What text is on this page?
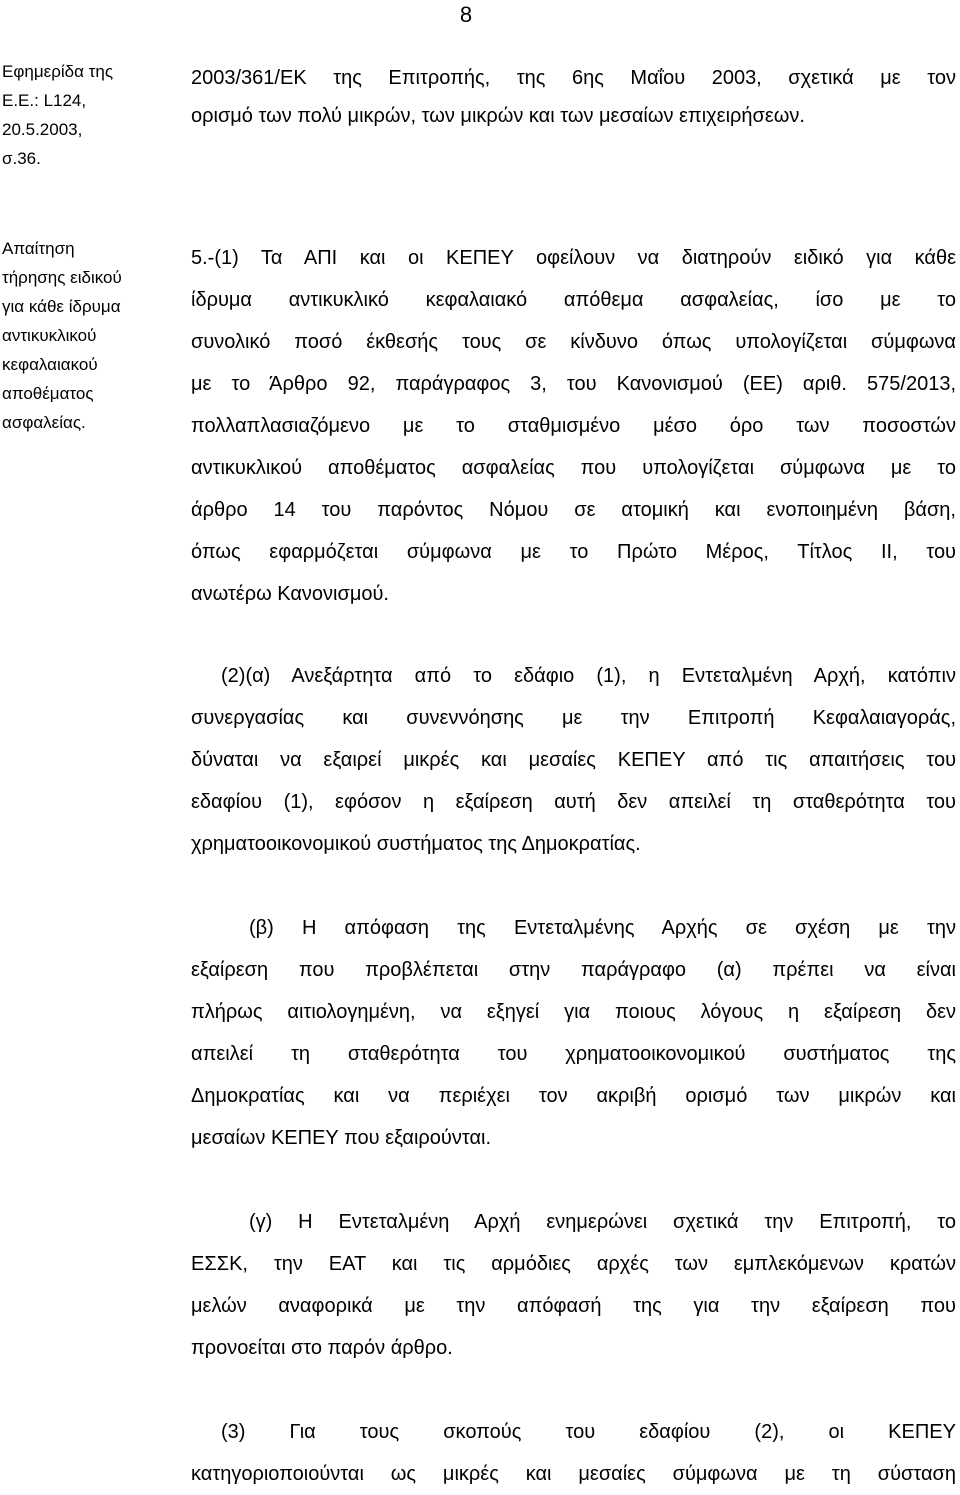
8
Εφημερίδα της
Ε.Ε.: L124,
20.5.2003,
σ.36.
Απαίτηση
τήρησης ειδικού
για κάθε ίδρυμα
αντικυκλικού
κεφαλαιακού
αποθέματος
ασφαλείας.
2003/361/ΕΚ της Επιτροπής, της 6ης Μαΐου 2003, σχετικά με τον
ορισμό των πολύ μικρών, των μικρών και των μεσαίων επιχειρήσεων.
5.-(1) Τα ΑΠΙ και οι ΚΕΠΕΥ οφείλουν να διατηρούν ειδικό για κάθε
ίδρυμα αντικυκλικό κεφαλαιακό απόθεμα ασφαλείας, ίσο με το
συνολικό ποσό έκθεσής τους σε κίνδυνο όπως υπολογίζεται σύμφωνα
με το Άρθρο 92, παράγραφος 3, του Κανονισμού (ΕΕ) αριθ. 575/2013,
πολλαπλασιαζόμενο με το σταθμισμένο μέσο όρο των ποσοστών
αντικυκλικού αποθέματος ασφαλείας που υπολογίζεται σύμφωνα με το
άρθρο 14 του παρόντος Νόμου σε ατομική και ενοποιημένη βάση,
όπως εφαρμόζεται σύμφωνα με το Πρώτο Μέρος, Τίτλος ΙΙ, του
ανωτέρω Κανονισμού.
(2)(α) Ανεξάρτητα από το εδάφιο (1), η Εντεταλμένη Αρχή, κατόπιν
συνεργασίας και συνεννόησης με την Επιτροπή Κεφαλαιαγοράς,
δύναται να εξαιρεί μικρές και μεσαίες ΚΕΠΕΥ από τις απαιτήσεις του
εδαφίου (1), εφόσον η εξαίρεση αυτή δεν απειλεί τη σταθερότητα του
χρηματοοικονομικού συστήματος της Δημοκρατίας.
(β) Η απόφαση της Εντεταλμένης Αρχής σε σχέση με την
εξαίρεση που προβλέπεται στην παράγραφο (α) πρέπει να είναι
πλήρως αιτιολογημένη, να εξηγεί για ποιους λόγους η εξαίρεση δεν
απειλεί τη σταθερότητα του χρηματοοικονομικού συστήματος της
Δημοκρατίας και να περιέχει τον ακριβή ορισμό των μικρών και
μεσαίων ΚΕΠΕΥ που εξαιρούνται.
(γ) Η Εντεταλμένη Αρχή ενημερώνει σχετικά την Επιτροπή, το
ΕΣΣΚ, την ΕΑΤ και τις αρμόδιες αρχές των εμπλεκόμενων κρατών
μελών αναφορικά με την απόφασή της για την εξαίρεση που
προνοείται στο παρόν άρθρο.
(3) Για τους σκοπούς του εδαφίου (2), οι ΚΕΠΕΥ
κατηγοριοποιούνται ως μικρές και μεσαίες σύμφωνα με τη σύσταση
